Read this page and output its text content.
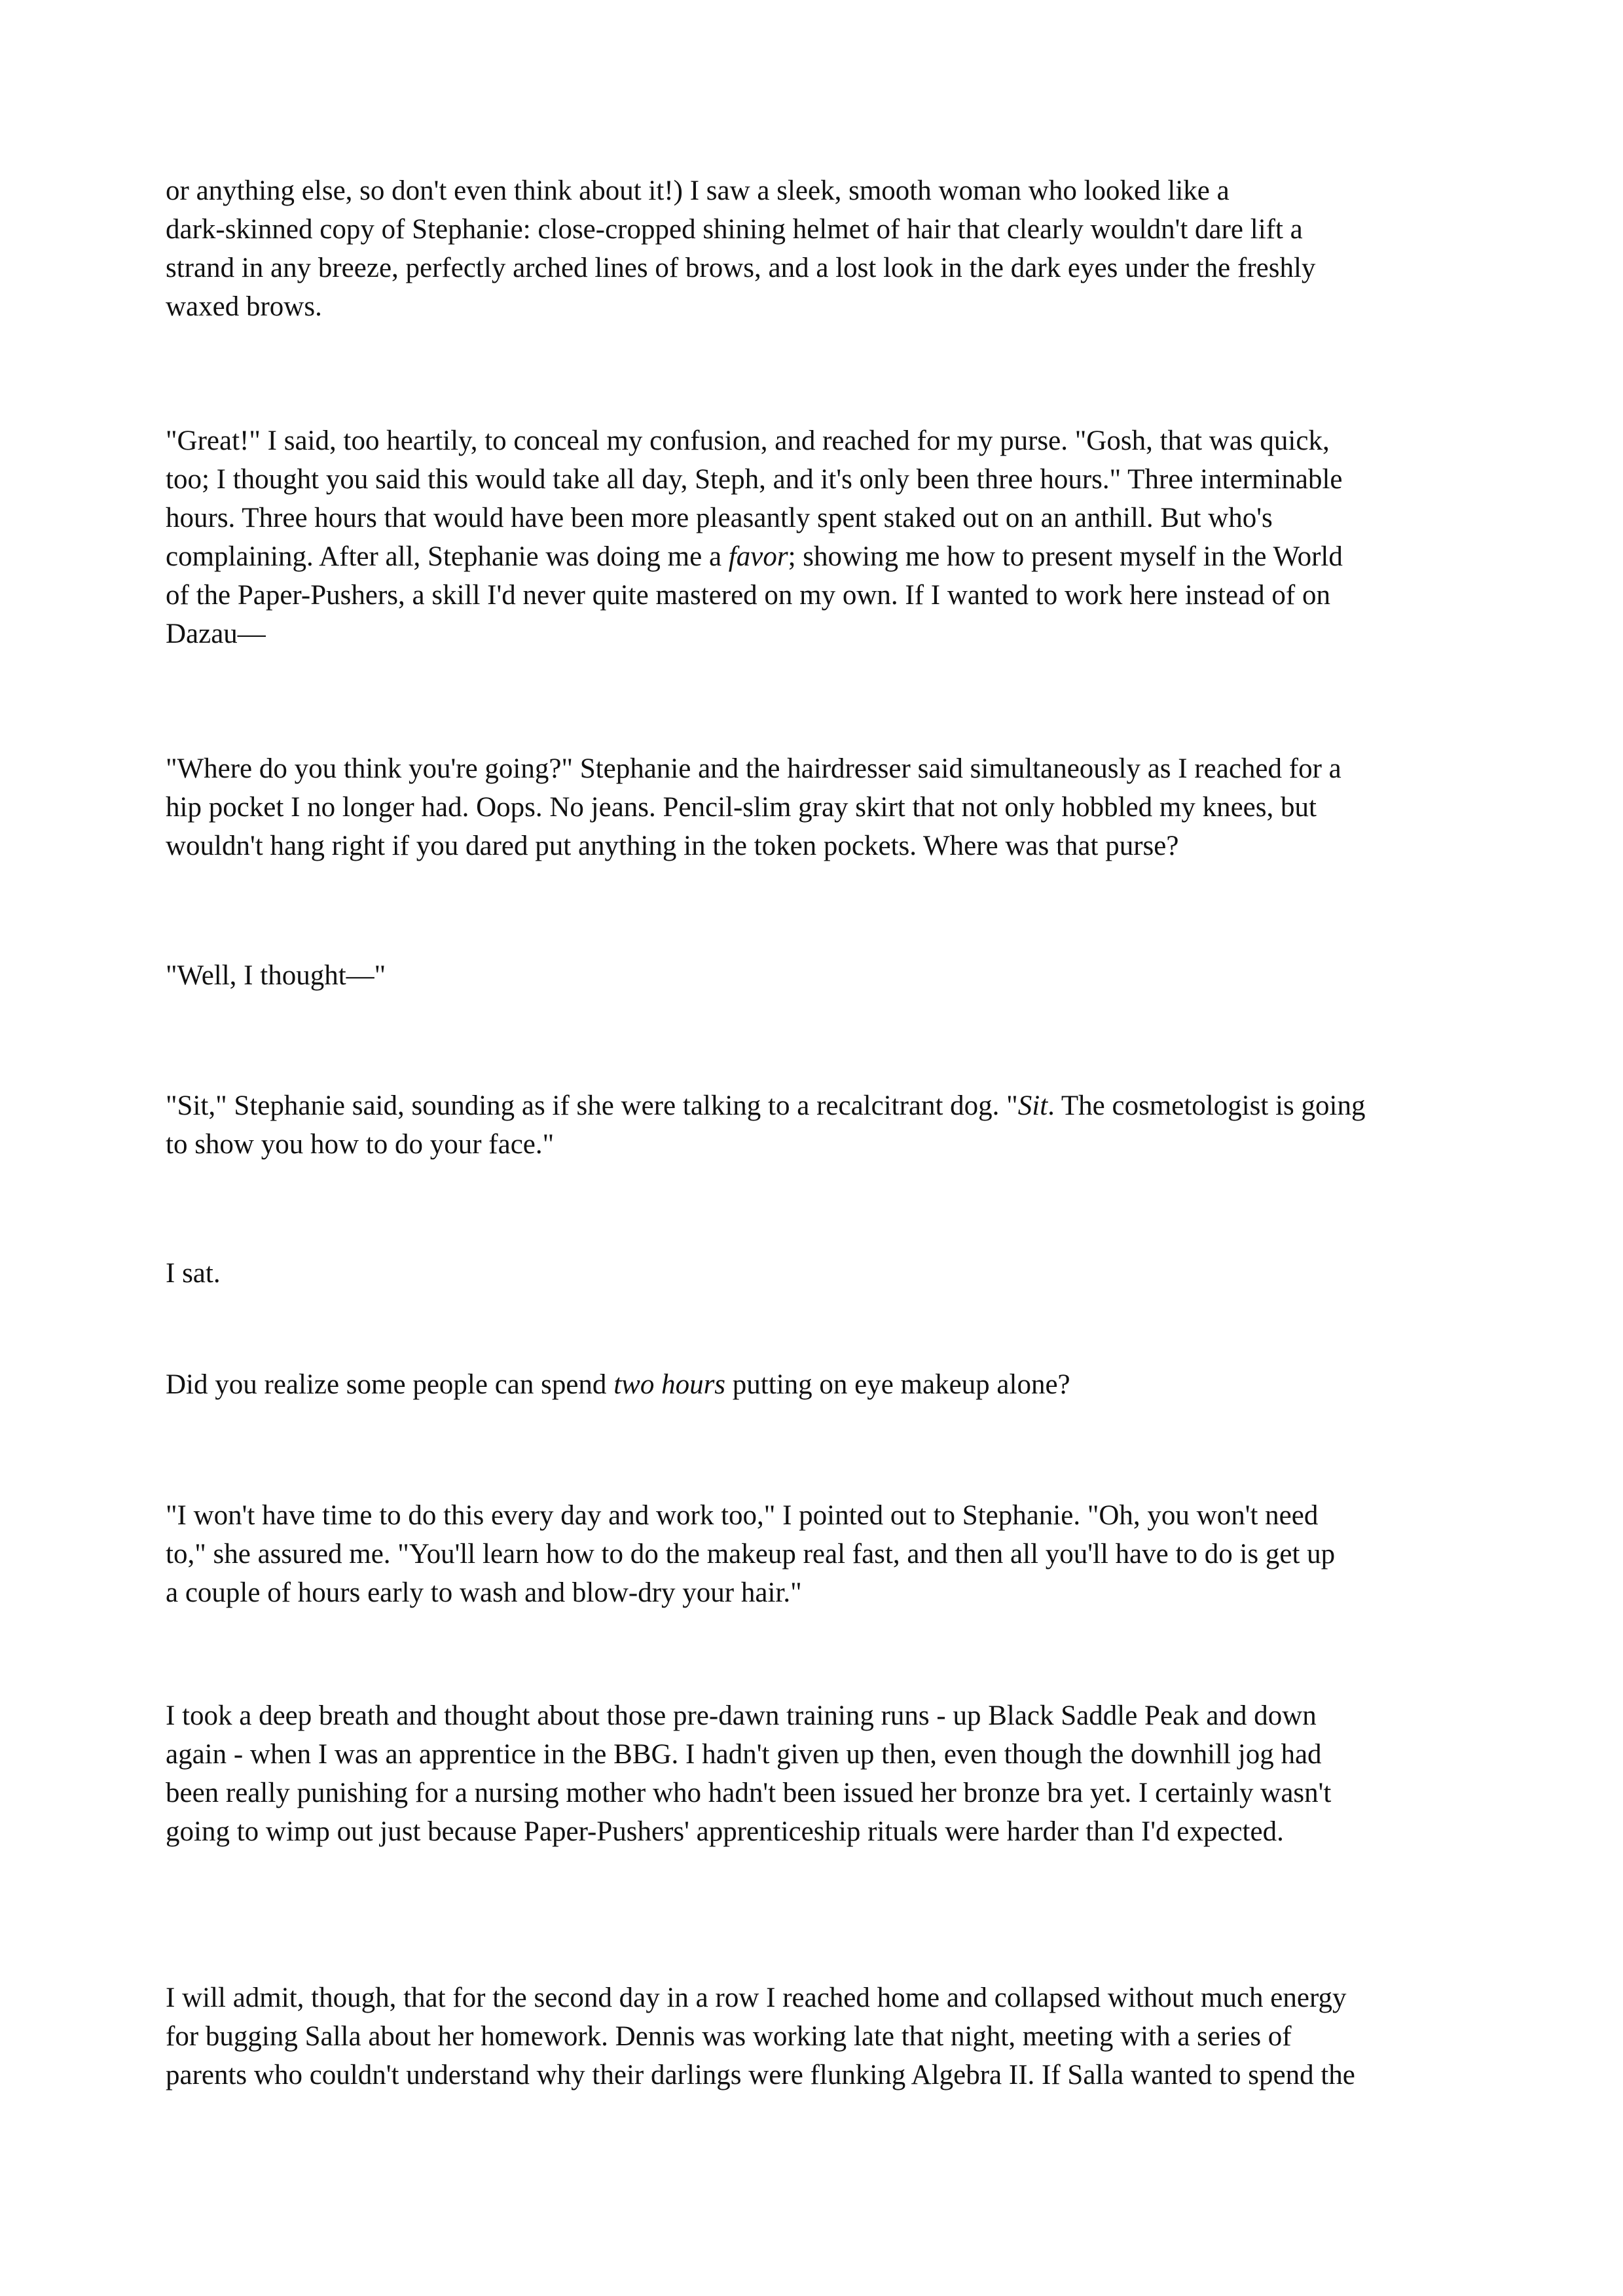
or anything else, so don't even think about it!) I saw a sleek, smooth woman who looked like a
dark-skinned copy of Stephanie: close-cropped shining helmet of hair that clearly wouldn't dare lift a
strand in any breeze, perfectly arched lines of brows, and a lost look in the dark eyes under the freshly
waxed brows.

"Great!" I said, too heartily, to conceal my confusion, and reached for my purse. "Gosh, that was quick,
too; I thought you said this would take all day, Steph, and it's only been three hours." Three interminable
hours. Three hours that would have been more pleasantly spent staked out on an anthill. But who's
complaining. After all, Stephanie was doing me a favor; showing me how to present myself in the World
of the Paper-Pushers, a skill I'd never quite mastered on my own. If I wanted to work here instead of on
Dazau—

"Where do you think you're going?" Stephanie and the hairdresser said simultaneously as I reached for a
hip pocket I no longer had. Oops. No jeans. Pencil-slim gray skirt that not only hobbled my knees, but
wouldn't hang right if you dared put anything in the token pockets. Where was that purse?

"Well, I thought—"

"Sit," Stephanie said, sounding as if she were talking to a recalcitrant dog. "Sit. The cosmetologist is going
to show you how to do your face."

I sat.

Did you realize some people can spend two hours putting on eye makeup alone?

"I won't have time to do this every day and work too," I pointed out to Stephanie. "Oh, you won't need
to," she assured me. "You'll learn how to do the makeup real fast, and then all you'll have to do is get up
a couple of hours early to wash and blow-dry your hair."

I took a deep breath and thought about those pre-dawn training runs - up Black Saddle Peak and down
again - when I was an apprentice in the BBG. I hadn't given up then, even though the downhill jog had
been really punishing for a nursing mother who hadn't been issued her bronze bra yet. I certainly wasn't
going to wimp out just because Paper-Pushers' apprenticeship rituals were harder than I'd expected.

I will admit, though, that for the second day in a row I reached home and collapsed without much energy
for bugging Salla about her homework. Dennis was working late that night, meeting with a series of
parents who couldn't understand why their darlings were flunking Algebra II. If Salla wanted to spend the
